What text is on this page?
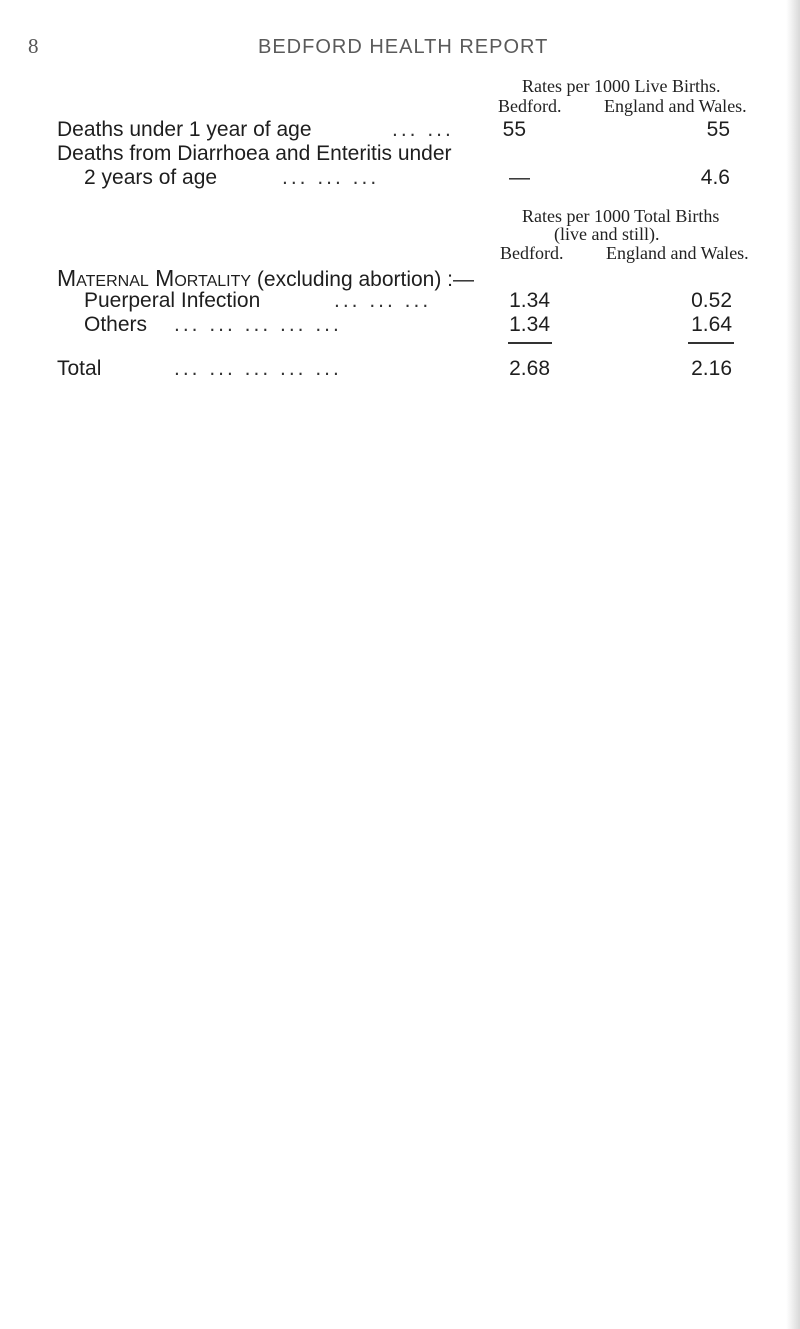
8	BEDFORD HEALTH REPORT
Rates per 1000 Live Births.
Bedford. England and Wales.
Deaths under 1 year of age	... ...	55	55
Deaths from Diarrhoea and Enteritis under
2 years of age	... ... ...	—	4.6
Rates per 1000 Total Births
(live and still).
Bedford. England and Wales.
Maternal Mortality (excluding abortion) :—
Puerperal Infection	... ... ...	1.34	0.52
Others ... ... ... ... ...	1.34	1.64
Total	... ... ... ... ...	2.68	2.16
